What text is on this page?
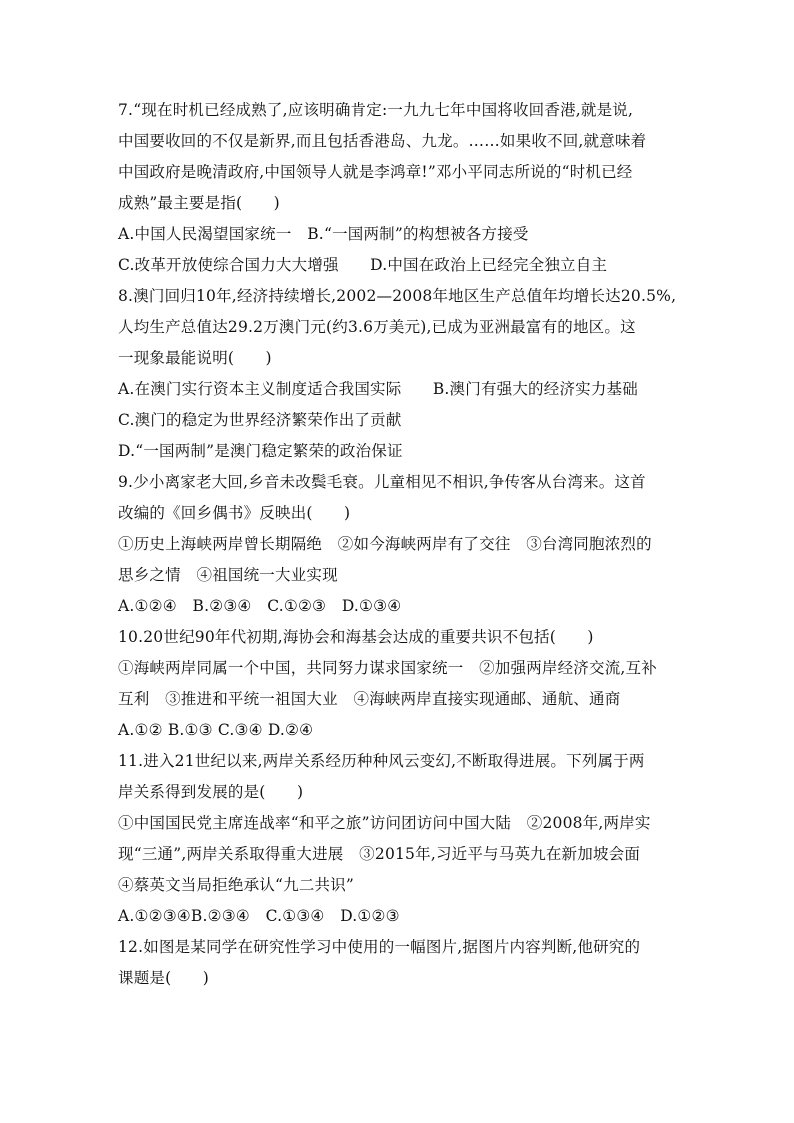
7.“现在时机已经成熟了,应该明确肯定:一九九七年中国将收回香港,就是说,
中国要收回的不仅是新界,而且包括香港岛、九龙。……如果收不回,就意味着
中国政府是晚清政府,中国领导人就是李鸿章!”邓小平同志所说的“时机已经
成熟”最主要是指(　　)
A.中国人民渴望国家统一　B.“一国两制”的构想被各方接受
C.改革开放使综合国力大大增强　　D.中国在政治上已经完全独立自主
8.澳门回归10年,经济持续增长,2002—2008年地区生产总值年均增长达20.5%,
人均生产总值达29.2万澳门元(约3.6万美元),已成为亚洲最富有的地区。这
一现象最能说明(　　)
A.在澳门实行资本主义制度适合我国实际　　B.澳门有强大的经济实力基础
C.澳门的稳定为世界经济繁荣作出了贡献
D.“一国两制”是澳门稳定繁荣的政治保证
9.少小离家老大回,乡音未改鬓毛衰。儿童相见不相识,争传客从台湾来。这首
改编的《回乡偶书》反映出(　　)
①历史上海峡两岸曾长期隔绝　②如今海峡两岸有了交往　③台湾同胞浓烈的
思乡之情　④祖国统一大业实现
A.①②④　B.②③④　C.①②③　D.①③④
10.20世纪90年代初期,海协会和海基会达成的重要共识不包括(　　)
①海峡两岸同属一个中国，共同努力谋求国家统一　②加强两岸经济交流,互补
互利　③推进和平统一祖国大业　④海峡两岸直接实现通邮、通航、通商
A.①② B.①③ C.③④ D.②④
11.进入21世纪以来,两岸关系经历种种风云变幻,不断取得进展。下列属于两
岸关系得到发展的是(　　)
①中国国民党主席连战率“和平之旅”访问团访问中国大陆　②2008年,两岸实
现“三通”,两岸关系取得重大进展　③2015年,习近平与马英九在新加坡会面
④蔡英文当局拒绝承认“九二共识”
A.①②③④B.②③④　C.①③④　D.①②③
12.如图是某同学在研究性学习中使用的一幅图片,据图片内容判断,他研究的
课题是(　　)
